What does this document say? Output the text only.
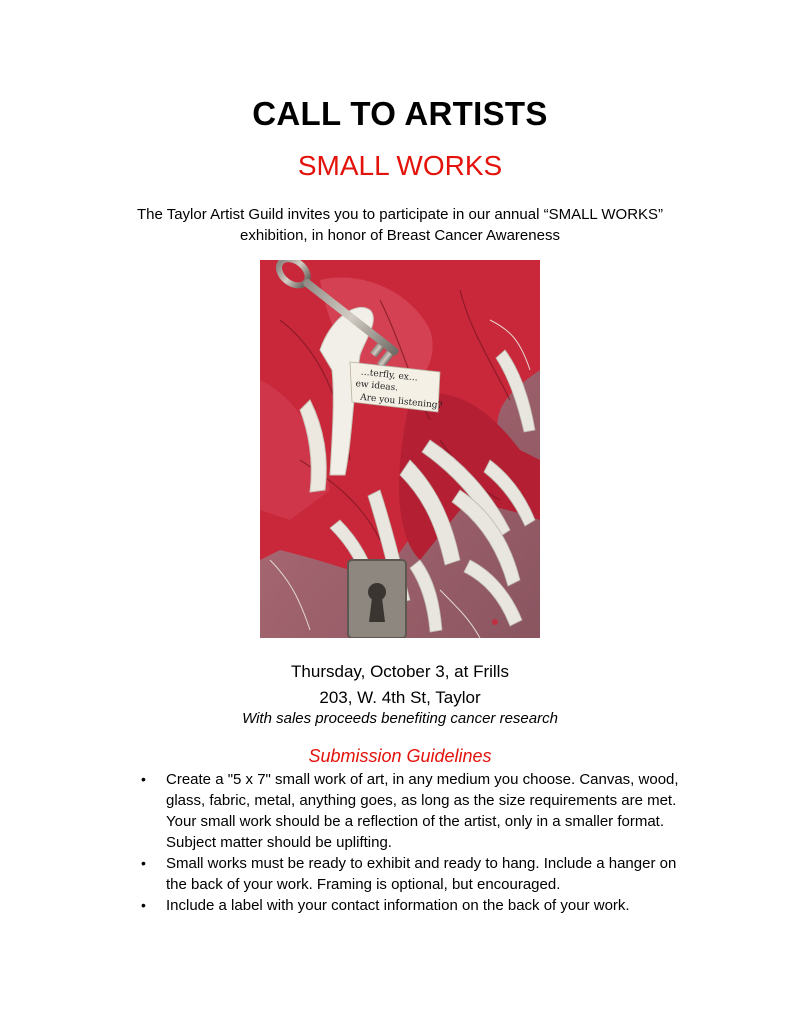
CALL TO ARTISTS
SMALL WORKS
The Taylor Artist Guild invites you to participate in our annual “SMALL WORKS”
exhibition, in honor of Breast Cancer Awareness
…terfly, ex…
ew ideas.
Are you listening?
Thursday, October 3, at Frills
203, W. 4th St, Taylor
With sales proceeds benefiting cancer research
Submission Guidelines
• Create a "5 x 7" small work of art, in any medium you choose. Canvas, wood, glass, fabric, metal, anything goes, as long as the size requirements are met. Your small work should be a reflection of the artist, only in a smaller format. Subject matter should be uplifting.
• Small works must be ready to exhibit and ready to hang. Include a hanger on the back of your work. Framing is optional, but encouraged.
• Include a label with your contact information on the back of your work.
